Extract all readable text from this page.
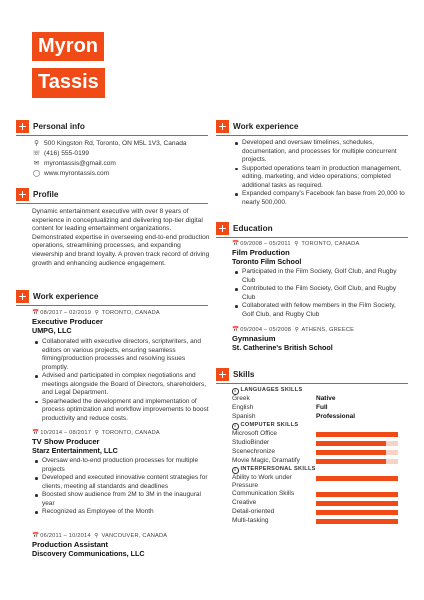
Myron
Tassis
Personal info
⚲ 500 Kingston Rd, Toronto, ON M5L 1V3, Canada
☏ (416) 555-0199
✉ myrontassis@gmail.com
◯ www.myrontassis.com
Profile
Dynamic entertainment executive with over 8 years of experience in conceptualizing and delivering top-tier digital content for leading entertainment organizations. Demonstrated expertise in overseeing end-to-end production operations, streamlining processes, and expanding viewership and brand loyalty. A proven track record of driving growth and enhancing audience engagement.
Work experience
📅08/2017 – 02/2019 ⚲ TORONTO, CANADA
Executive Producer
UMPG, LLC
Collaborated with executive directors, scriptwriters, and editors on various projects, ensuring seamless filming/production processes and resolving issues promptly.
Advised and participated in complex negotiations and meetings alongside the Board of Directors, shareholders, and Legal Department.
Spearheaded the development and implementation of process optimization and workflow improvements to boost productivity and reduce costs.
📅10/2014 – 08/2017 ⚲ TORONTO, CANADA
TV Show Producer
Starz Entertainment, LLC
Oversaw end-to-end production processes for multiple projects
Developed and executed innovative content strategies for clients, meeting all standards and deadlines
Boosted show audience from 2M to 3M in the inaugural year
Recognized as Employee of the Month
📅06/2011 – 10/2014 ⚲ VANCOUVER, CANADA
Production Assistant
Discovery Communications, LLC
Work experience
Developed and oversaw timelines, schedules, documentation, and processes for multiple concurrent projects.
Supported operations team in production management, editing, marketing, and video operations; completed additional tasks as required.
Expanded company's Facebook fan base from 20,000 to nearly 500,000.
Education
📅09/2008 – 05/2011 ⚲ TORONTO, CANADA
Film Production
Toronto Film School
Participated in the Film Society, Golf Club, and Rugby Club
Contributed to the Film Society, Golf Club, and Rugby Club
Collaborated with fellow members in the Film Society, Golf Club, and Rugby Club
📅09/2004 – 05/2008 ⚲ ATHENS, GREECE
Gymnasium
St. Catherine's British School
Skills
i LANGUAGES SKILLS
Greek	Native
English	Full
Spanish	Professional
i COMPUTER SKILLS
Microsoft Office
StudioBinder
Scenechronize
Movie Magic, Dramatify
i INTERPERSONAL SKILLS
Ability to Work under Pressure
Communication Skills
Creative
Detail-oriented
Multi-tasking
